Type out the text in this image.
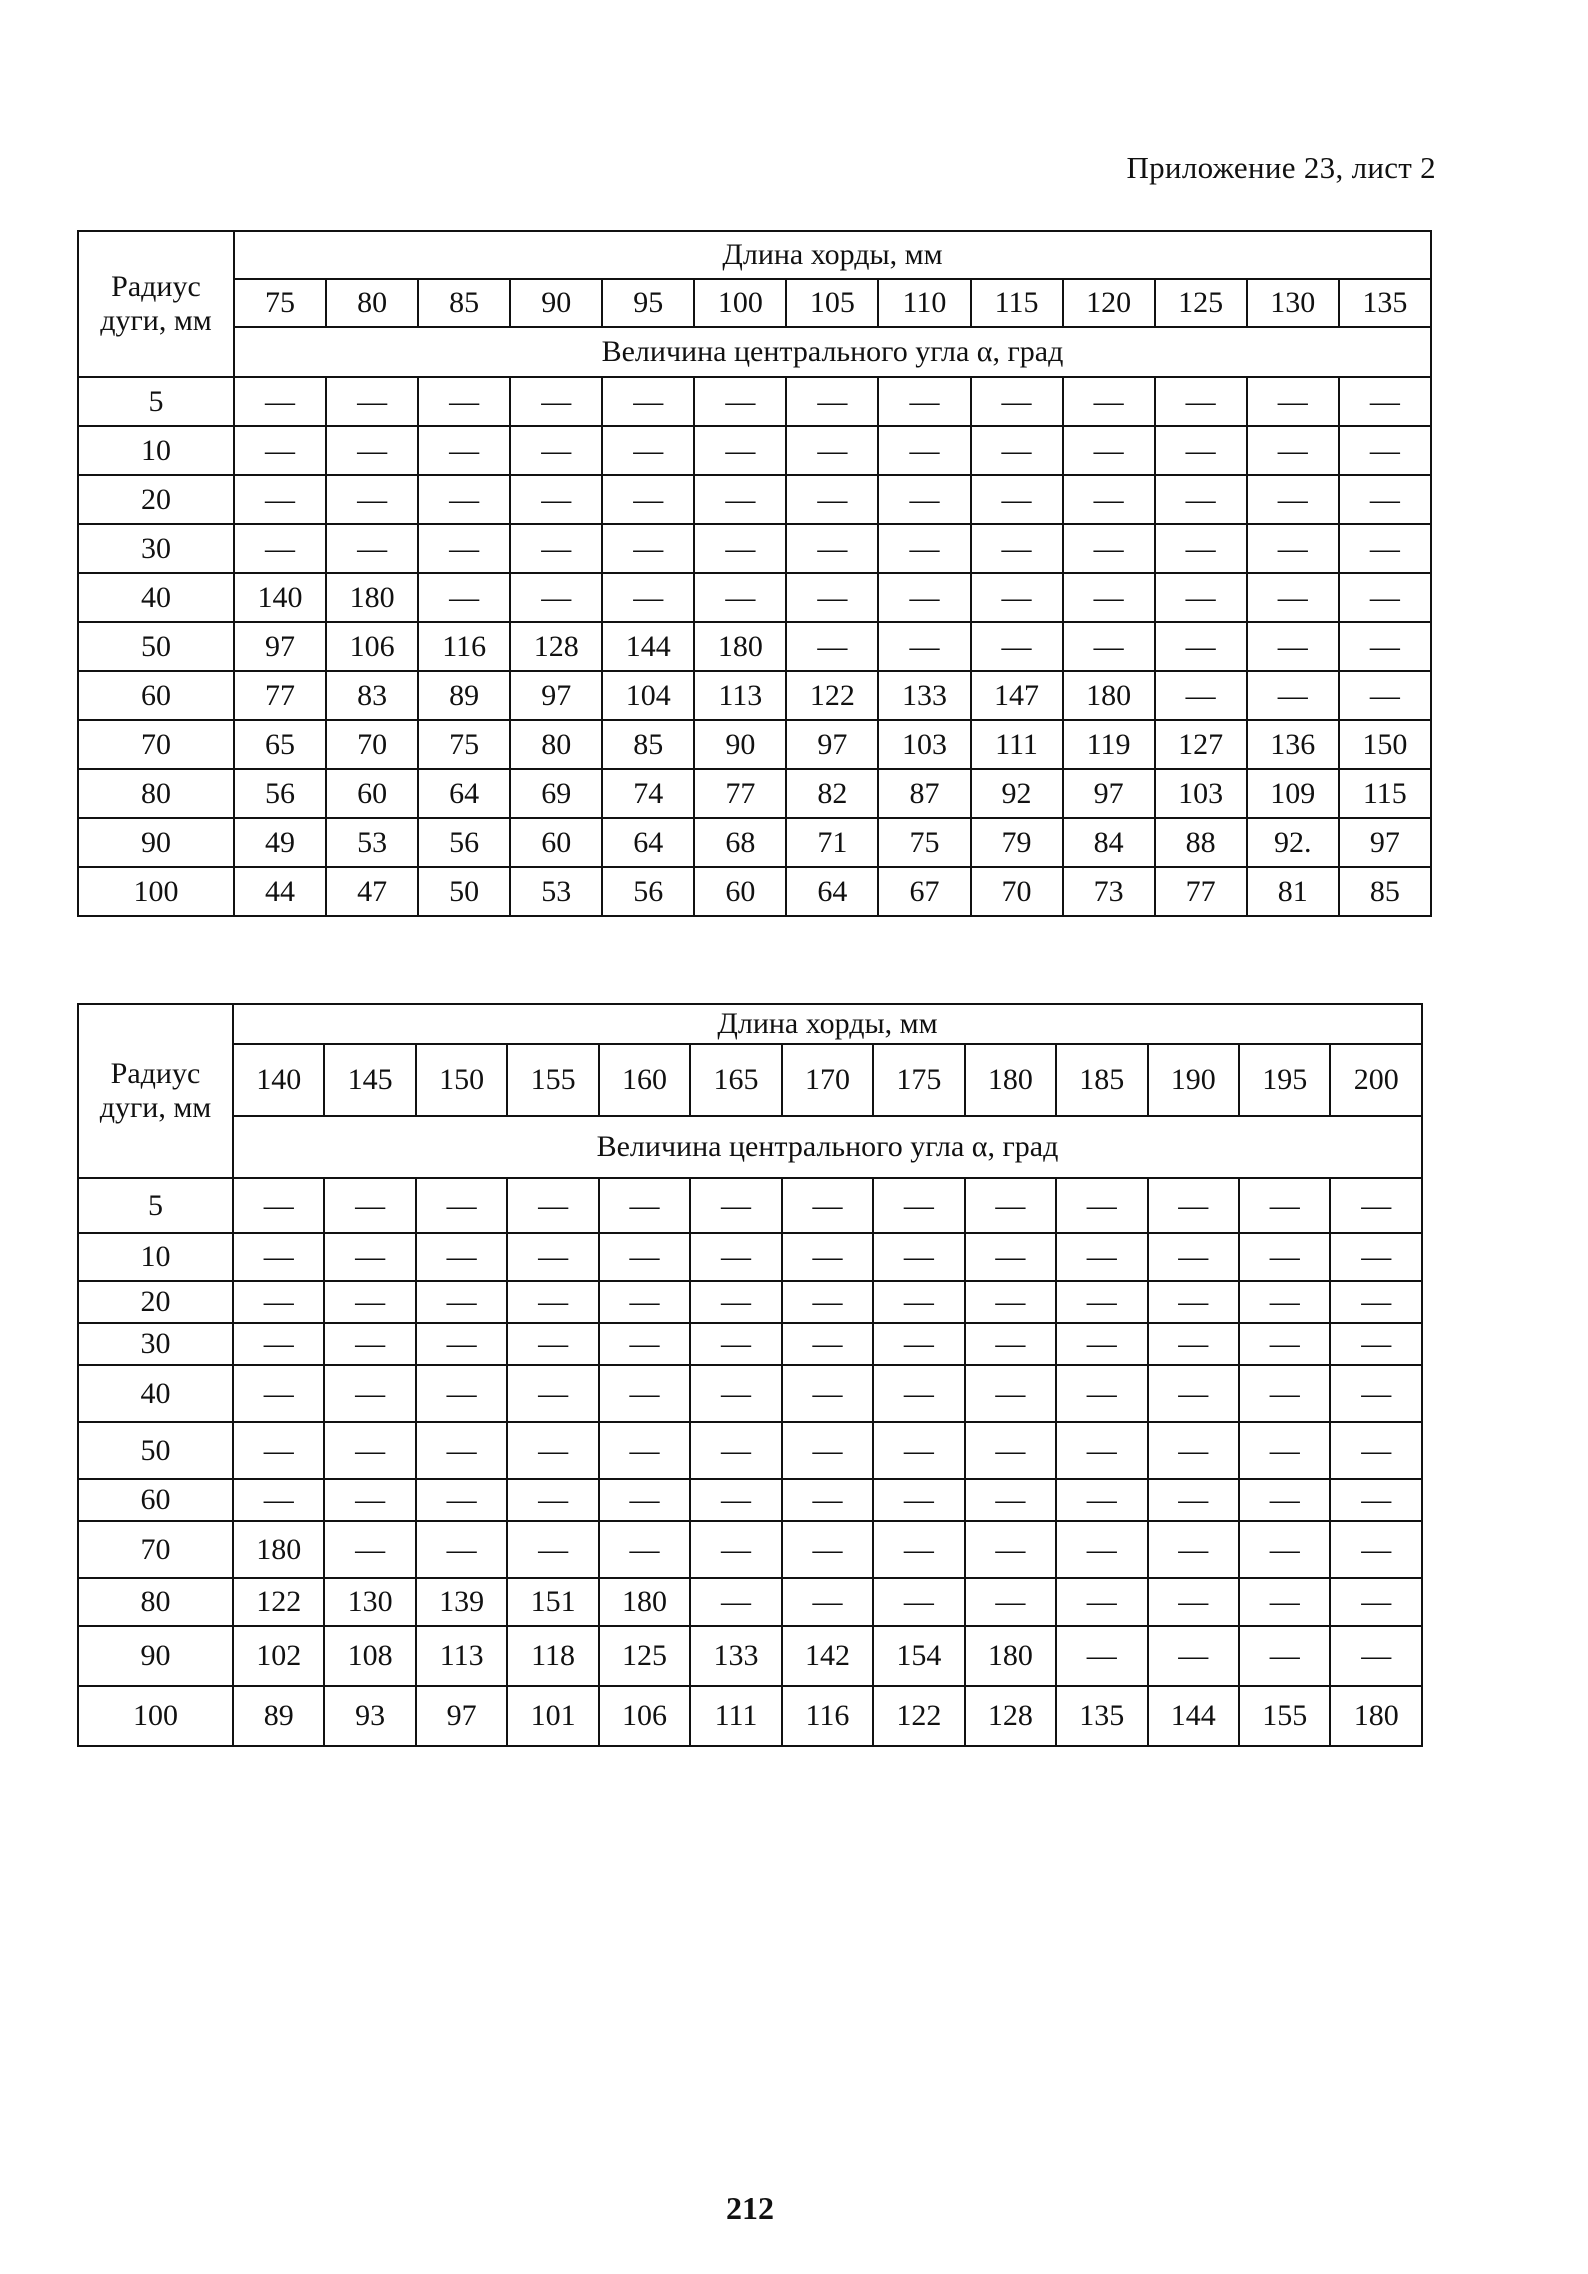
Приложение 23, лист 2
Радиус дуги, мм	Длина хорды, мм												
	75	80	85	90	95	100	105	110	115	120	125	130	135
	Величина центрального угла α, град												
5	—	—	—	—	—	—	—	—	—	—	—	—	—
10	—	—	—	—	—	—	—	—	—	—	—	—	—
20	—	—	—	—	—	—	—	—	—	—	—	—	—
30	—	—	—	—	—	—	—	—	—	—	—	—	—
40	140	180	—	—	—	—	—	—	—	—	—	—	—
50	97	106	116	128	144	180	—	—	—	—	—	—	—
60	77	83	89	97	104	113	122	133	147	180	—	—	—
70	65	70	75	80	85	90	97	103	111	119	127	136	150
80	56	60	64	69	74	77	82	87	92	97	103	109	115
90	49	53	56	60	64	68	71	75	79	84	88	92.	97
100	44	47	50	53	56	60	64	67	70	73	77	81	85
Радиус дуги, мм	Длина хорды, мм												
	140	145	150	155	160	165	170	175	180	185	190	195	200
	Величина центрального угла α, град												
5	—	—	—	—	—	—	—	—	—	—	—	—	—
10	—	—	—	—	—	—	—	—	—	—	—	—	—
20	—	—	—	—	—	—	—	—	—	—	—	—	—
30	—	—	—	—	—	—	—	—	—	—	—	—	—
40	—	—	—	—	—	—	—	—	—	—	—	—	—
50	—	—	—	—	—	—	—	—	—	—	—	—	—
60	—	—	—	—	—	—	—	—	—	—	—	—	—
70	180	—	—	—	—	—	—	—	—	—	—	—	—
80	122	130	139	151	180	—	—	—	—	—	—	—	—
90	102	108	113	118	125	133	142	154	180	—	—	—	—
100	89	93	97	101	106	111	116	122	128	135	144	155	180
212
